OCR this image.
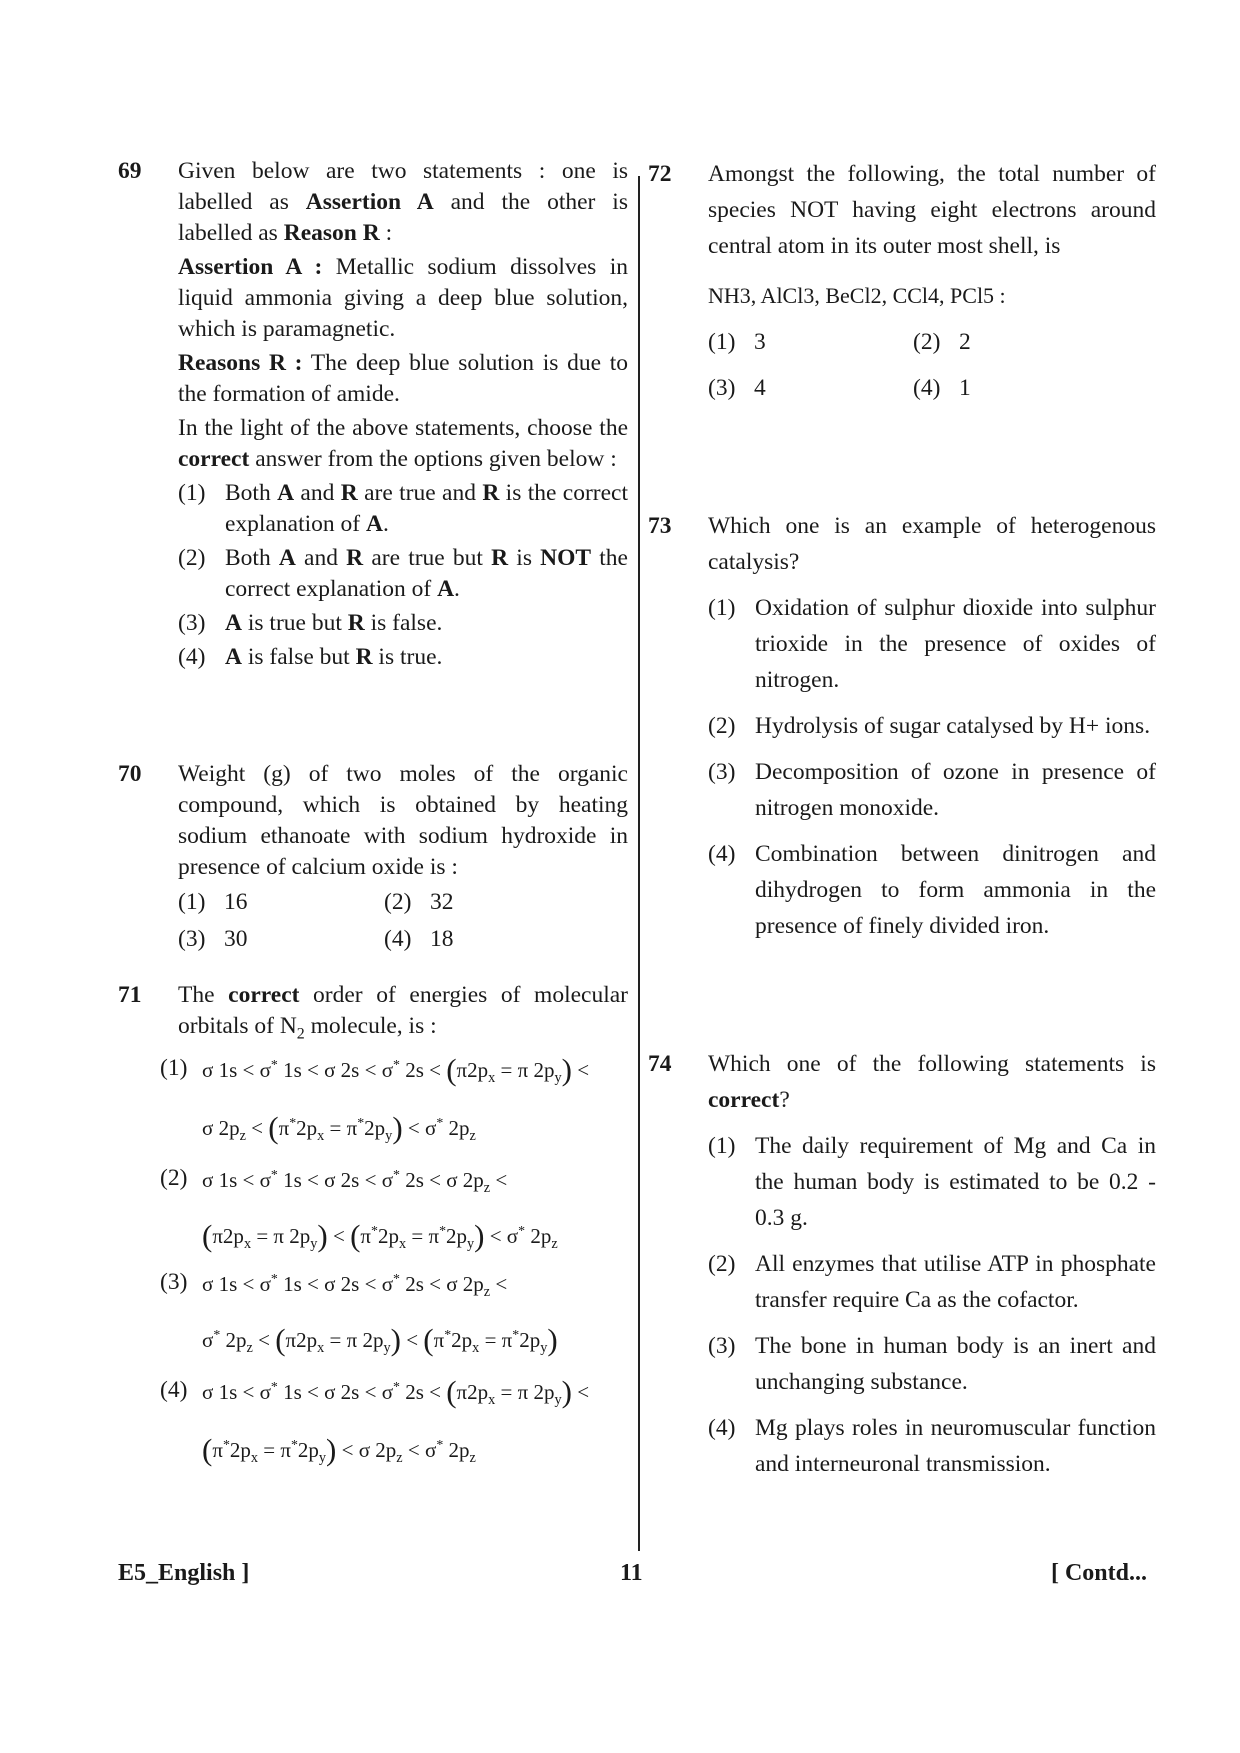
69 Given below are two statements : one is labelled as Assertion A and the other is labelled as Reason R :

Assertion A : Metallic sodium dissolves in liquid ammonia giving a deep blue solution, which is paramagnetic.

Reasons R : The deep blue solution is due to the formation of amide.

In the light of the above statements, choose the correct answer from the options given below :

(1) Both A and R are true and R is the correct explanation of A.
(2) Both A and R are true but R is NOT the correct explanation of A.
(3) A is true but R is false.
(4) A is false but R is true.
70 Weight (g) of two moles of the organic compound, which is obtained by heating sodium ethanoate with sodium hydroxide in presence of calcium oxide is :

(1) 16	(2) 32
(3) 30	(4) 18
71 The correct order of energies of molecular orbitals of $N_2$ molecule, is :

(1) σ 1s < σ* 1s < σ 2s < σ* $2s < (\pi 2p_x = \pi$ $2p_y$) <
σ $2p_z < (\pi^*2p_x = \pi^*2p_y) < \sigma^*$ $2p_z$
(2) σ 1s < σ* 1s < σ 2s < σ* 2s < σ $2p_z$ <
($\pi 2p_x = \pi$ $2p_y) < (\pi^*2p_x = \pi^*2p_y) < \sigma^*$ $2p_z$
(3) σ 1s < σ* 1s < σ 2s < σ* 2s < σ $2p_z$ <
σ* $2p_z < (\pi 2p_x = \pi$ $2p_y) < (\pi^*2p_x = \pi^*2p_y)$
(4) σ 1s < σ* 1s < σ 2s < σ* $2s < (\pi 2p_x = \pi$ $2p_y$) <
$(\pi^*2p_x = \pi^*2p_y) < \sigma$ $2p_z < \sigma^*$ $2p_z$
72 Amongst the following, the total number of species NOT having eight electrons around central atom in its outer most shell, is

NH3, AlCl3, BeCl2, CCl4, PCl5 :

(1) 3	(2) 2
(3) 4	(4) 1
73 Which one is an example of heterogenous catalysis?

(1) Oxidation of sulphur dioxide into sulphur trioxide in the presence of oxides of nitrogen.
(2) Hydrolysis of sugar catalysed by H+ ions.
(3) Decomposition of ozone in presence of nitrogen monoxide.
(4) Combination between dinitrogen and dihydrogen to form ammonia in the presence of finely divided iron.
74 Which one of the following statements is correct?

(1) The daily requirement of Mg and Ca in the human body is estimated to be 0.2 - 0.3 g.
(2) All enzymes that utilise ATP in phosphate transfer require Ca as the cofactor.
(3) The bone in human body is an inert and unchanging substance.
(4) Mg plays roles in neuromuscular function and interneuronal transmission.
E5_English ]	11	[ Contd...
